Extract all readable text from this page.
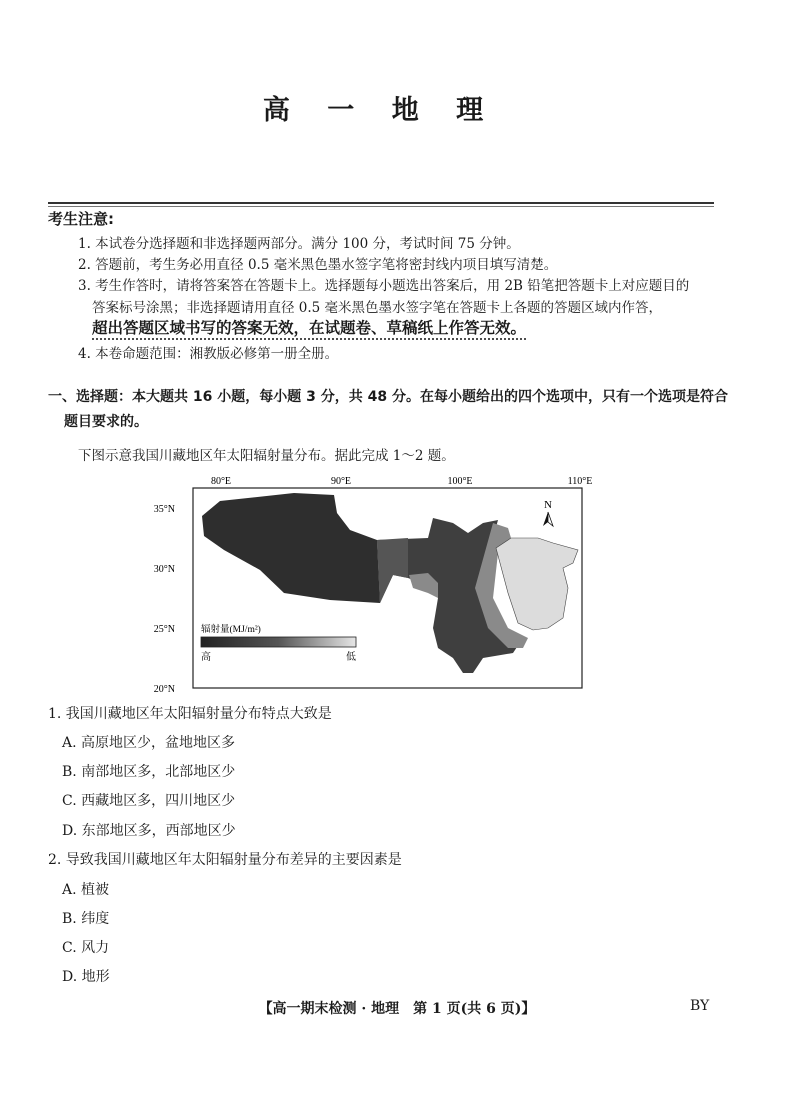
高 一 地 理
考生注意:
1. 本试卷分选择题和非选择题两部分。满分 100 分，考试时间 75 分钟。
2. 答题前，考生务必用直径 0.5 毫米黑色墨水签字笔将密封线内项目填写清楚。
3. 考生作答时，请将答案答在答题卡上。选择题每小题选出答案后，用 2B 铅笔把答题卡上对应题目的
答案标号涂黑；非选择题请用直径 0.5 毫米黑色墨水签字笔在答题卡上各题的答题区域内作答，
超出答题区域书写的答案无效，在试题卷、草稿纸上作答无效。
4. 本卷命题范围：湘教版必修第一册全册。
一、选择题：本大题共 16 小题，每小题 3 分，共 48 分。在每小题给出的四个选项中，只有一个选项是符合
题目要求的。
下图示意我国川藏地区年太阳辐射量分布。据此完成 1～2 题。
N
35°N
30°N
25°N
20°N
80°E	90°E	100°E	110°E
辐射量(MJ/m²)
高	低
1. 我国川藏地区年太阳辐射量分布特点大致是
A. 高原地区少，盆地地区多
B. 南部地区多，北部地区少
C. 西藏地区多，四川地区少
D. 东部地区多，西部地区少
2. 导致我国川藏地区年太阳辐射量分布差异的主要因素是
A. 植被
B. 纬度
C. 风力
D. 地形
【高一期末检测 · 地理　第 1 页(共 6 页)】	BY
